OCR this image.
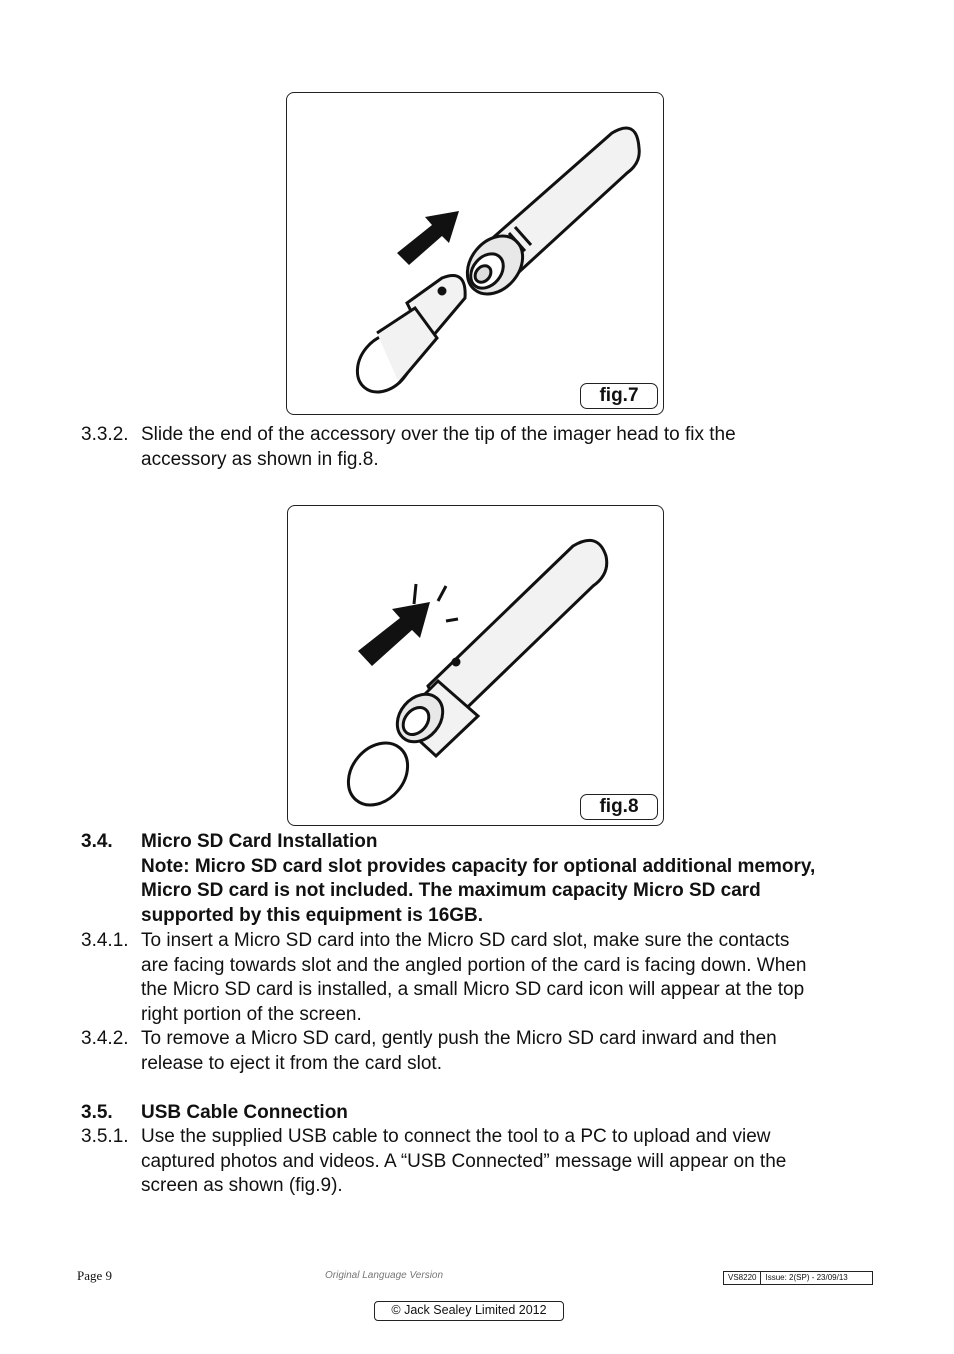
fig.7
3.3.2. Slide the end of the accessory over the tip of the imager head to fix the
accessory as shown in fig.8.
fig.8
3.4.	Micro SD Card Installation
Note: Micro SD card slot provides capacity for optional additional memory,
Micro SD card is not included. The maximum capacity Micro SD card
supported by this equipment is 16GB.
3.4.1. To insert a Micro SD card into the Micro SD card slot, make sure the contacts
are facing towards slot and the angled portion of the card is facing down. When
the Micro SD card is installed, a small Micro SD card icon will appear at the top
right portion of the screen.
3.4.2. To remove a Micro SD card, gently push the Micro SD card inward and then
release to eject it from the card slot.
3.5.	USB Cable Connection
3.5.1. Use the supplied USB cable to connect the tool to a PC to upload and view
captured photos and videos. A “USB Connected” message will appear on the
screen as shown (fig.9).
Page 9	Original Language Version	VS8220	Issue: 2(SP) - 23/09/13
© Jack Sealey Limited 2012
